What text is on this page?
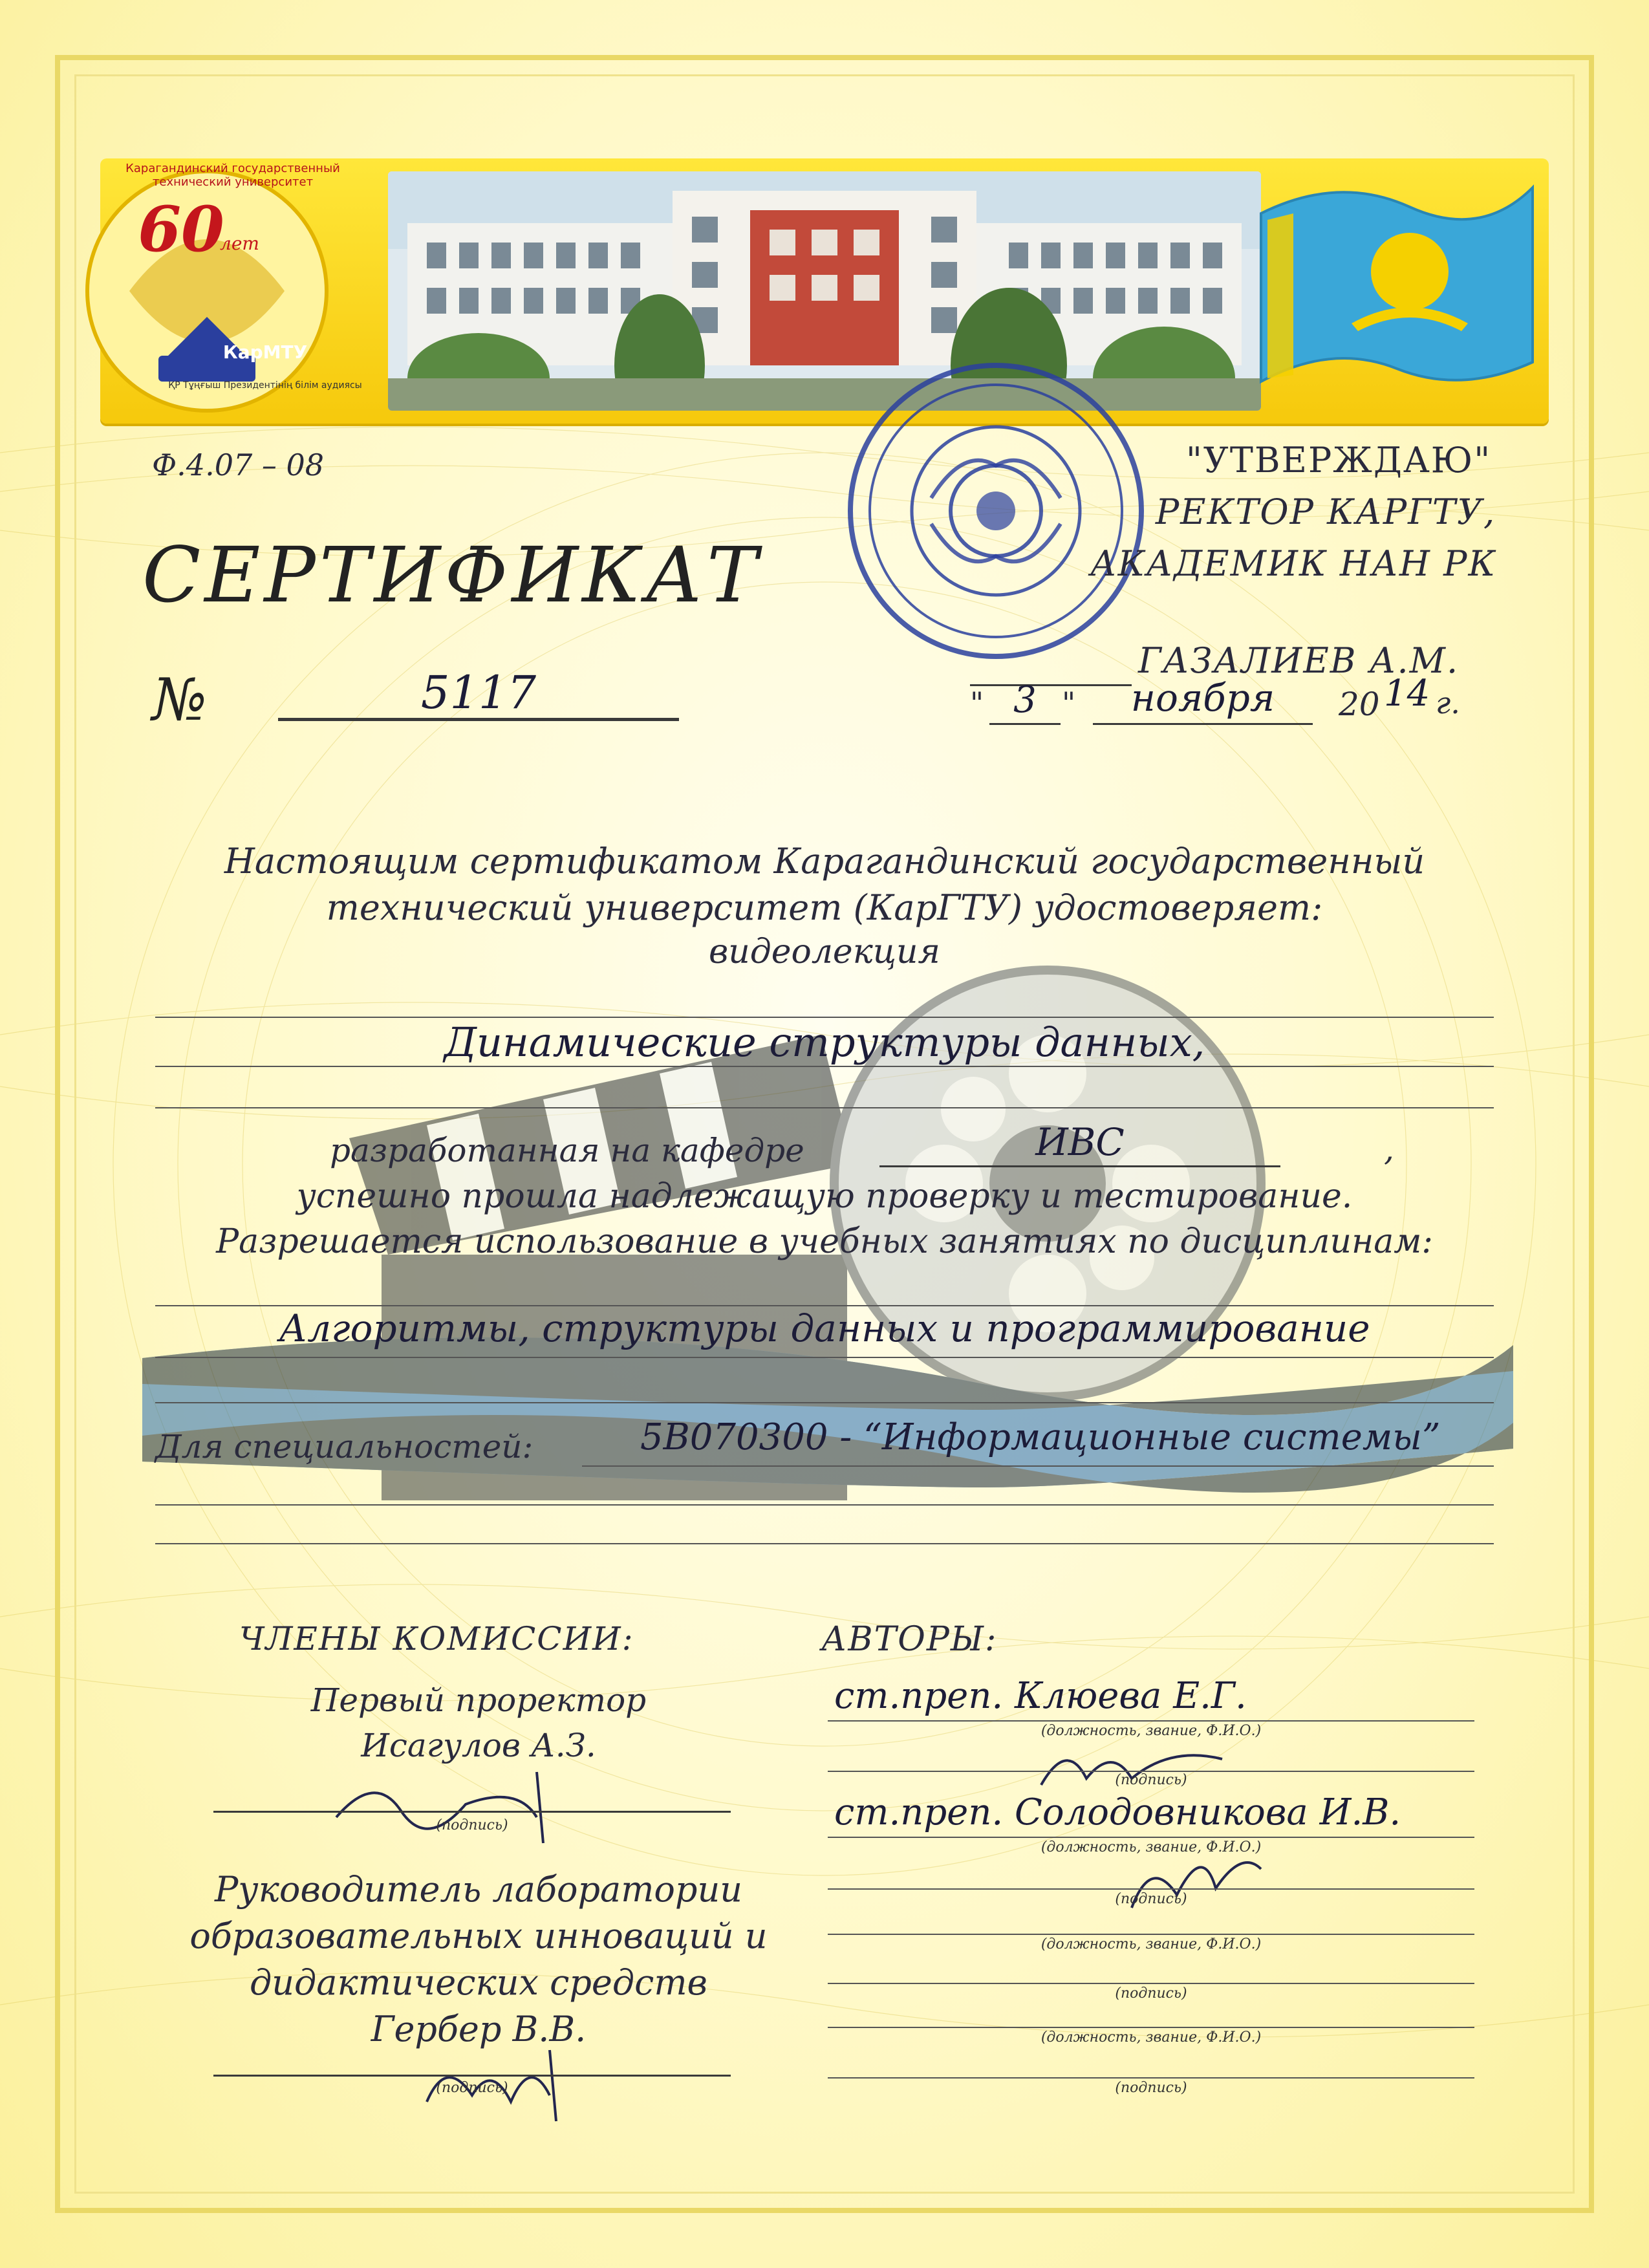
60
лет
Карагандинский государственный технический университет
КарМТУ
ҚР Тұңғыш Президентінің білім аудиясы
Ф.4.07 – 08	"УТВЕРЖДАЮ"
РЕКТОР КАРГТУ,
АКАДЕМИК НАН РК
ГАЗАЛИЕВ А.М.
" 3 "	ноября	20 14 г.
СЕРТИФИКАТ
№	5117
Настоящим сертификатом Карагандинский государственный
технический университет (КарГТУ) удостоверяет:
видеолекция
Динамические структуры данных,
разработанная на кафедре	ИВС	,
успешно прошла надлежащую проверку и тестирование.
Разрешается использование в учебных занятиях по дисциплинам:
Алгоритмы, структуры данных и программирование
Для специальностей:	5В070300 - “Информационные системы”
ЧЛЕНЫ КОМИССИИ:
Первый проректор
Исагулов А.З.
(подпись)
Руководитель лаборатории
образовательных инноваций и
дидактических средств
Гербер В.В.
(подпись)
АВТОРЫ:
ст.преп. Клюева Е.Г.
(должность, звание, Ф.И.О.)
(подпись)
ст.преп. Солодовникова И.В.
(должность, звание, Ф.И.О.)
(подпись)
(должность, звание, Ф.И.О.)
(подпись)
(должность, звание, Ф.И.О.)
(подпись)
